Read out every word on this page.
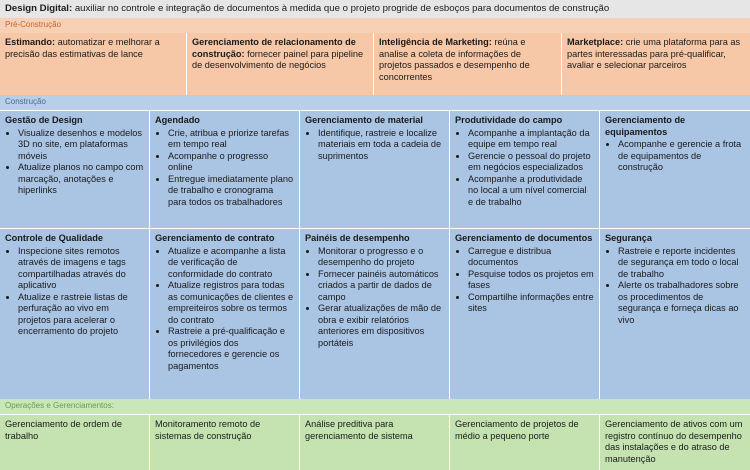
Design Digital: auxiliar no controle e integração de documentos à medida que o projeto progride de esboços para documentos de construção
Pré-Construção
Estimando: automatizar e melhorar a precisão das estimativas de lance
Gerenciamento de relacionamento de construção: fornecer painel para pipeline de desenvolvimento de negócios
Inteligência de Marketing: reúna e analise a coleta de informações de projetos passados e desempenho de concorrentes
Marketplace: crie uma plataforma para as partes interessadas para pré-qualificar, avaliar e selecionar parceiros
Construção
Gestão de Design
• Visualize desenhos e modelos 3D no site, em plataformas móveis
• Atualize planos no campo com marcação, anotações e hiperlinks
Agendado
• Crie, atribua e priorize tarefas em tempo real
• Acompanhe o progresso online
• Entregue imediatamente plano de trabalho e cronograma para todos os trabalhadores
Gerenciamento de material
• Identifique, rastreie e localize materiais em toda a cadeia de suprimentos
Produtividade do campo
• Acompanhe a implantação da equipe em tempo real
• Gerencie o pessoal do projeto em negócios especializados
• Acompanhe a produtividade no local a um nível comercial e de trabalho
Gerenciamento de equipamentos
• Acompanhe e gerencie a frota de equipamentos de construção
Controle de Qualidade
• Inspecione sites remotos através de imagens e tags compartilhadas através do aplicativo
• Atualize e rastreie listas de perfuração ao vivo em projetos para acelerar o encerramento do projeto
Gerenciamento de contrato
• Atualize e acompanhe a lista de verificação de conformidade do contrato
• Atualize registros para todas as comunicações de clientes e empreiteiros sobre os termos do contrato
• Rastreie a pré-qualificação e os privilégios dos fornecedores e gerencie os pagamentos
Painéis de desempenho
• Monitorar o progresso e o desempenho do projeto
• Fornecer painéis automáticos criados a partir de dados de campo
• Gerar atualizações de mão de obra e exibir relatórios anteriores em dispositivos portáteis
Gerenciamento de documentos
• Carregue e distribua documentos
• Pesquise todos os projetos em fases
• Compartilhe informações entre sites
Segurança
• Rastreie e reporte incidentes de segurança em todo o local de trabalho
• Alerte os trabalhadores sobre os procedimentos de segurança e forneça dicas ao vivo
Operações e Gerenciamentos:
Gerenciamento de ordem de trabalho
Monitoramento remoto de sistemas de construção
Análise preditiva para gerenciamento de sistema
Gerenciamento de projetos de médio a pequeno porte
Gerenciamento de ativos com um registro contínuo do desempenho das instalações e do atraso de manutenção
